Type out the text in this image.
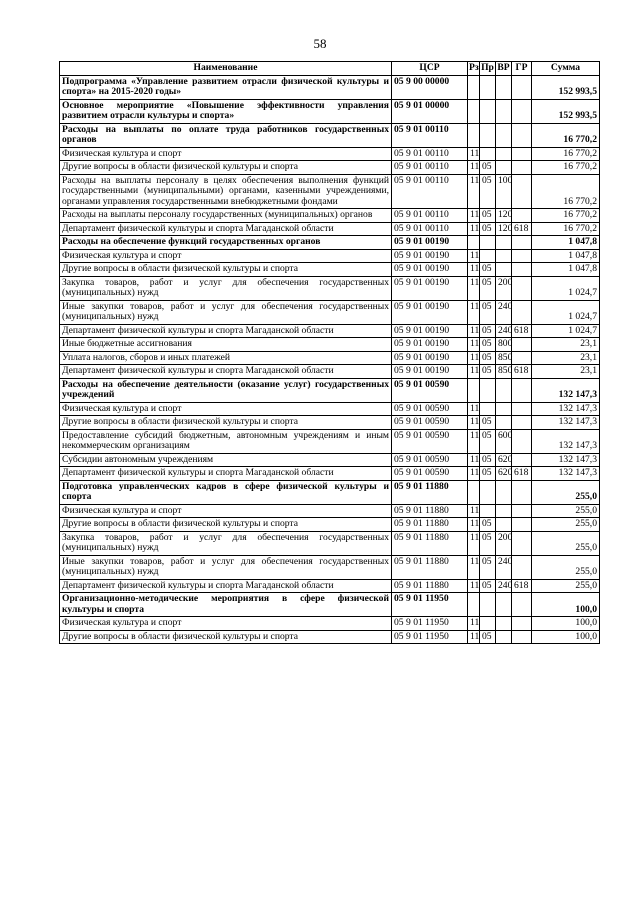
58
Наименование	ЦСР	Рз	Пр	ВР	ГР	Сумма
Подпрограмма «Управление развитием отрасли физической культуры и спорта» на 2015-2020 годы»	05 9 00 00000					152 993,5
Основное мероприятие «Повышение эффективности управления развитием отрасли культуры и спорта»	05 9 01 00000					152 993,5
Расходы на выплаты по оплате труда работников государственных органов	05 9 01 00110					16 770,2
Физическая культура и спорт	05 9 01 00110	11				16 770,2
Другие вопросы в области физической культуры и спорта	05 9 01 00110	11	05			16 770,2
Расходы на выплаты персоналу в целях обеспечения выполнения функций государственными (муниципальными) органами, казенными учреждениями, органами управления государственными внебюджетными фондами	05 9 01 00110	11	05	100		16 770,2
Расходы на выплаты персоналу государственных (муниципальных) органов	05 9 01 00110	11	05	120		16 770,2
Департамент физической культуры и спорта Магаданской области	05 9 01 00110	11	05	120	618	16 770,2
Расходы на обеспечение функций государственных органов	05 9 01 00190					1 047,8
Физическая культура и спорт	05 9 01 00190	11				1 047,8
Другие вопросы в области физической культуры и спорта	05 9 01 00190	11	05			1 047,8
Закупка товаров, работ и услуг для обеспечения государственных (муниципальных) нужд	05 9 01 00190	11	05	200		1 024,7
Иные закупки товаров, работ и услуг для обеспечения государственных (муниципальных) нужд	05 9 01 00190	11	05	240		1 024,7
Департамент физической культуры и спорта Магаданской области	05 9 01 00190	11	05	240	618	1 024,7
Иные бюджетные ассигнования	05 9 01 00190	11	05	800		23,1
Уплата налогов, сборов и иных платежей	05 9 01 00190	11	05	850		23,1
Департамент физической культуры и спорта Магаданской области	05 9 01 00190	11	05	850	618	23,1
Расходы на обеспечение деятельности (оказание услуг) государственных учреждений	05 9 01 00590					132 147,3
Физическая культура и спорт	05 9 01 00590	11				132 147,3
Другие вопросы в области физической культуры и спорта	05 9 01 00590	11	05			132 147,3
Предоставление субсидий бюджетным, автономным учреждениям и иным некоммерческим организациям	05 9 01 00590	11	05	600		132 147,3
Субсидии автономным учреждениям	05 9 01 00590	11	05	620		132 147,3
Департамент физической культуры и спорта Магаданской области	05 9 01 00590	11	05	620	618	132 147,3
Подготовка управленческих кадров в сфере физической культуры и спорта	05 9 01 11880					255,0
Физическая культура и спорт	05 9 01 11880	11				255,0
Другие вопросы в области физической культуры и спорта	05 9 01 11880	11	05			255,0
Закупка товаров, работ и услуг для обеспечения государственных (муниципальных) нужд	05 9 01 11880	11	05	200		255,0
Иные закупки товаров, работ и услуг для обеспечения государственных (муниципальных) нужд	05 9 01 11880	11	05	240		255,0
Департамент физической культуры и спорта Магаданской области	05 9 01 11880	11	05	240	618	255,0
Организационно-методические мероприятия в сфере физической культуры и спорта	05 9 01 11950					100,0
Физическая культура и спорт	05 9 01 11950	11				100,0
Другие вопросы в области физической культуры и спорта	05 9 01 11950	11	05			100,0
